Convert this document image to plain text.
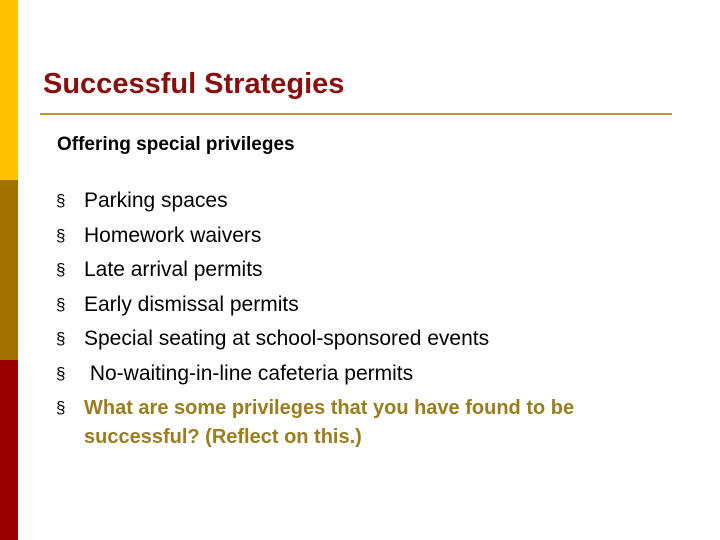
Successful Strategies
Offering special privileges
§ Parking spaces
§ Homework waivers
§ Late arrival permits
§ Early dismissal permits
§ Special seating at school-sponsored events
§ No-waiting-in-line cafeteria permits
§ What are some privileges that you have found to be successful? (Reflect on this.)
